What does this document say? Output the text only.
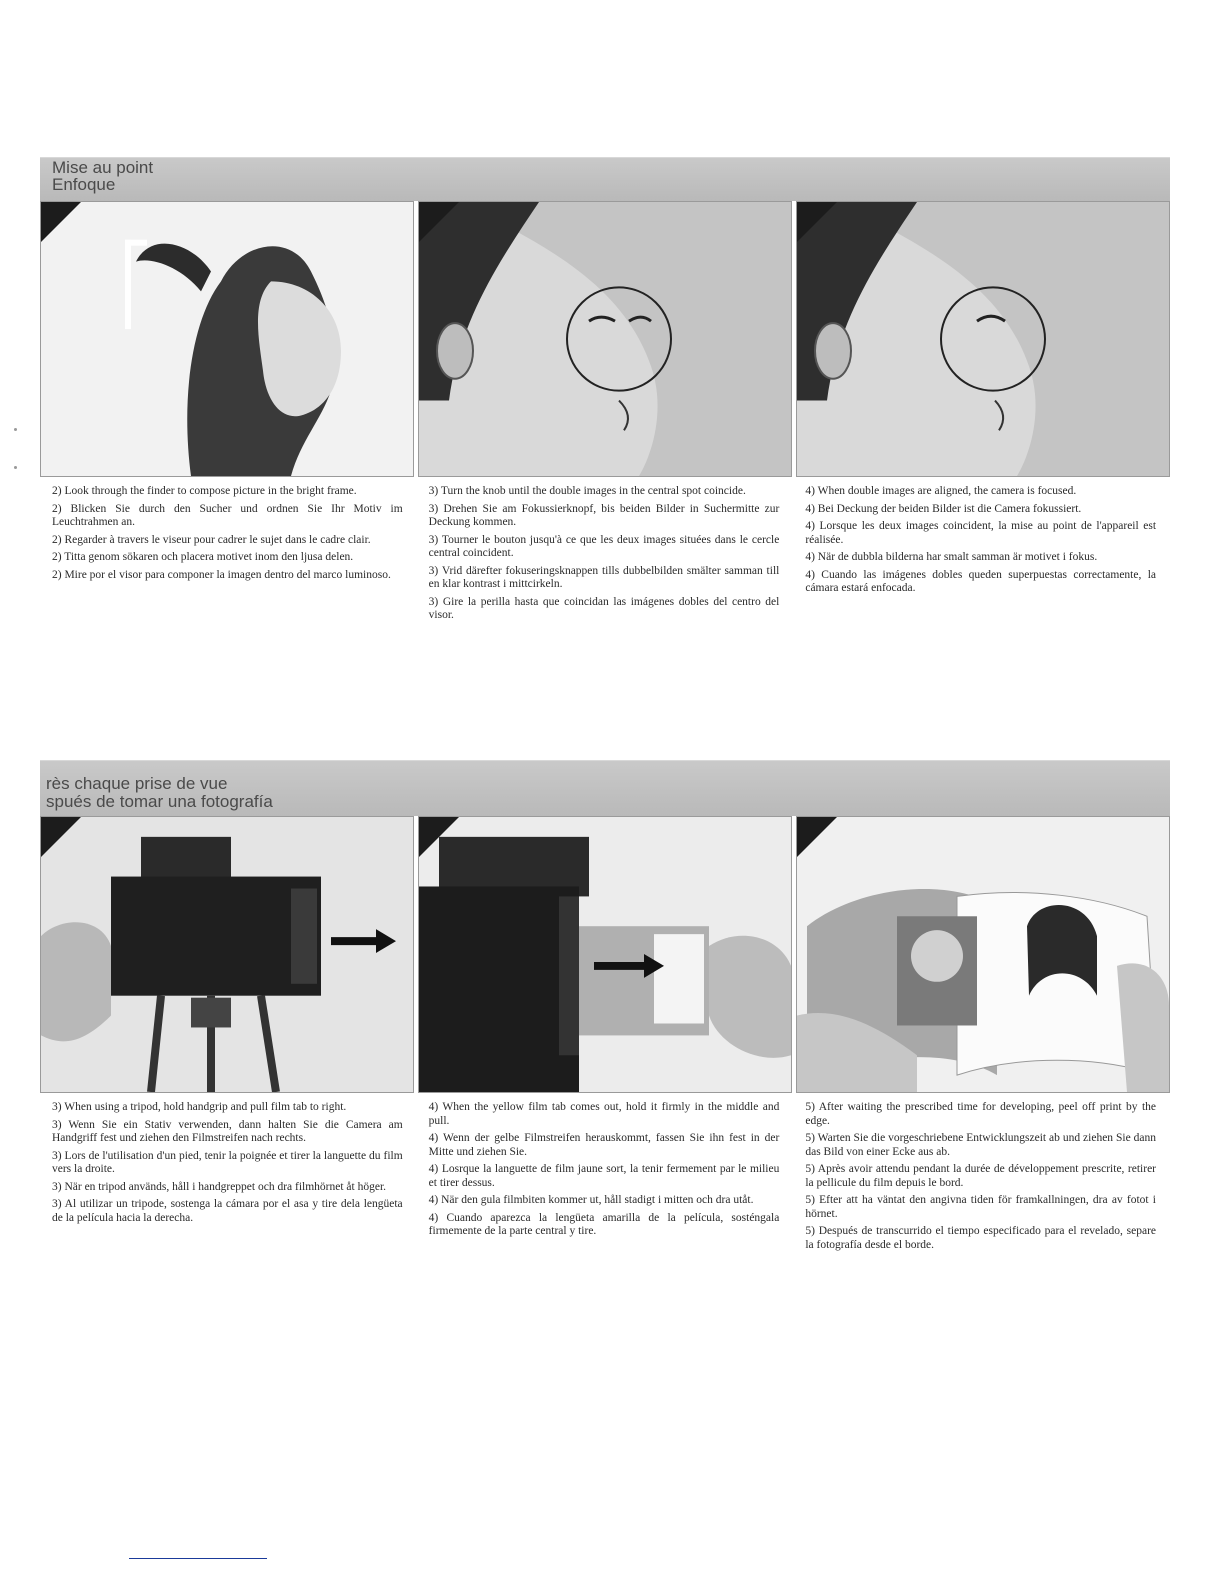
Mise au point
Enfoque

2) Look through the finder to compose picture in the bright frame.

2) Blicken Sie durch den Sucher und ordnen Sie Ihr Motiv im Leuchtrahmen an.

2) Regarder à travers le viseur pour cadrer le sujet dans le cadre clair.

2) Titta genom sökaren och placera motivet inom den ljusa delen.

2) Mire por el visor para componer la imagen dentro del marco luminoso.

3) Turn the knob until the double images in the central spot coincide.

3) Drehen Sie am Fokussierknopf, bis beiden Bilder in Suchermitte zur Deckung kommen.

3) Tourner le bouton jusqu'à ce que les deux images situées dans le cercle central coincident.

3) Vrid därefter fokuseringsknappen tills dubbelbilden smälter samman till en klar kontrast i mittcirkeln.

3) Gire la perilla hasta que coincidan las imágenes dobles del centro del visor.

4) When double images are aligned, the camera is focused.

4) Bei Deckung der beiden Bilder ist die Camera fokussiert.

4) Lorsque les deux images coincident, la mise au point de l'appareil est réalisée.

4) När de dubbla bilderna har smalt samman är motivet i fokus.

4) Cuando las imágenes dobles queden superpuestas correctamente, la cámara estará enfocada.

rès chaque prise de vue
spués de tomar una fotografía

3) When using a tripod, hold handgrip and pull film tab to right.

3) Wenn Sie ein Stativ verwenden, dann halten Sie die Camera am Handgriff fest und ziehen den Filmstreifen nach rechts.

3) Lors de l'utilisation d'un pied, tenir la poignée et tirer la languette du film vers la droite.

3) När en tripod används, håll i handgreppet och dra filmhörnet åt höger.

3) Al utilizar un tripode, sostenga la cámara por el asa y tire dela lengüeta de la película hacia la derecha.

4) When the yellow film tab comes out, hold it firmly in the middle and pull.

4) Wenn der gelbe Filmstreifen herauskommt, fassen Sie ihn fest in der Mitte und ziehen Sie.

4) Losrque la languette de film jaune sort, la tenir fermement par le milieu et tirer dessus.

4) När den gula filmbiten kommer ut, håll stadigt i mitten och dra utåt.

4) Cuando aparezca la lengüeta amarilla de la película, sosténgala firmemente de la parte central y tire.

5) After waiting the prescribed time for developing, peel off print by the edge.

5) Warten Sie die vorgeschriebene Entwicklungszeit ab und ziehen Sie dann das Bild von einer Ecke aus ab.

5) Après avoir attendu pendant la durée de développement prescrite, retirer la pellicule du film depuis le bord.

5) Efter att ha väntat den angivna tiden för framkallningen, dra av fotot i hörnet.

5) Después de transcurrido el tiempo especificado para el revelado, separe la fotografía desde el borde.
